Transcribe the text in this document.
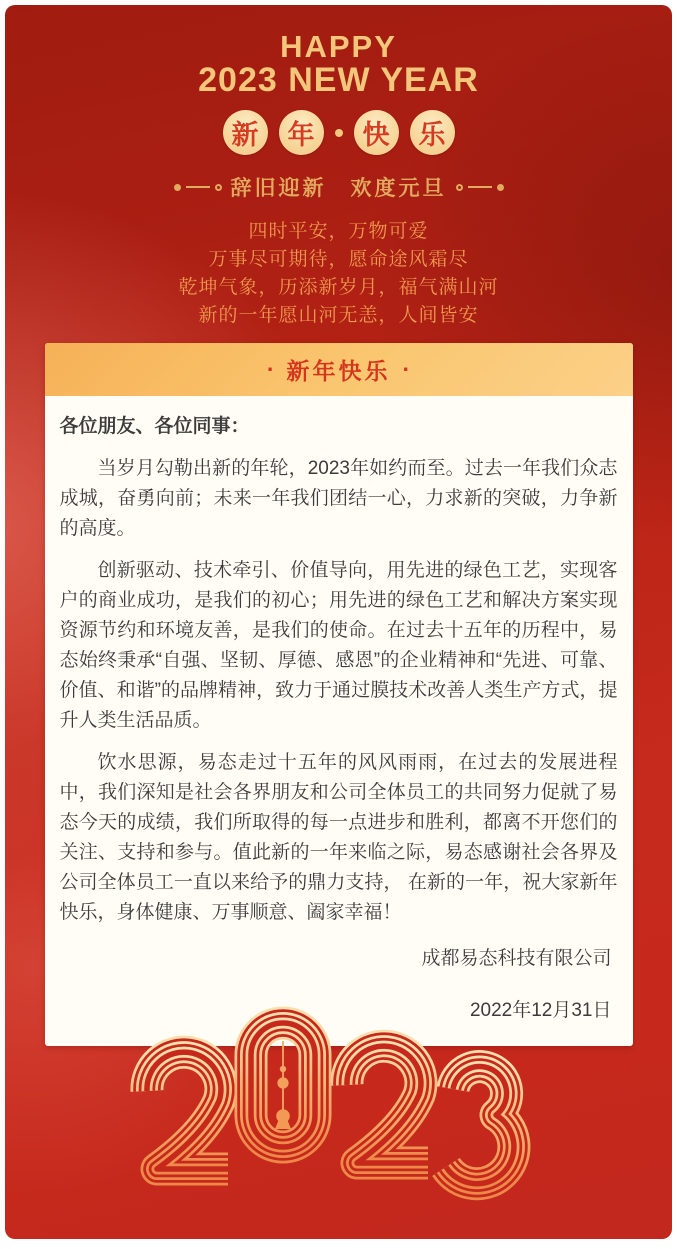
HAPPY
2023 NEW YEAR
新	年	快	乐
辞旧迎新　欢度元旦
四时平安，万物可爱
万事尽可期待，愿命途风霜尽
乾坤气象，历添新岁月，福气满山河
新的一年愿山河无恙，人间皆安
· 新年快乐 ·

各位朋友、各位同事：

当岁月勾勒出新的年轮，2023年如约而至。过去一年我们众志成城，奋勇向前；未来一年我们团结一心，力求新的突破，力争新的高度。

创新驱动、技术牵引、价值导向，用先进的绿色工艺，实现客户的商业成功，是我们的初心；用先进的绿色工艺和解决方案实现资源节约和环境友善，是我们的使命。在过去十五年的历程中，易态始终秉承“自强、坚韧、厚德、感恩”的企业精神和“先进、可靠、价值、和谐”的品牌精神，致力于通过膜技术改善人类生产方式，提升人类生活品质。

饮水思源，易态走过十五年的风风雨雨，在过去的发展进程中，我们深知是社会各界朋友和公司全体员工的共同努力促就了易态今天的成绩，我们所取得的每一点进步和胜利，都离不开您们的关注、支持和参与。值此新的一年来临之际，易态感谢社会各界及公司全体员工一直以来给予的鼎力支持， 在新的一年，祝大家新年快乐，身体健康、万事顺意、阖家幸福！

成都易态科技有限公司
2022年12月31日
